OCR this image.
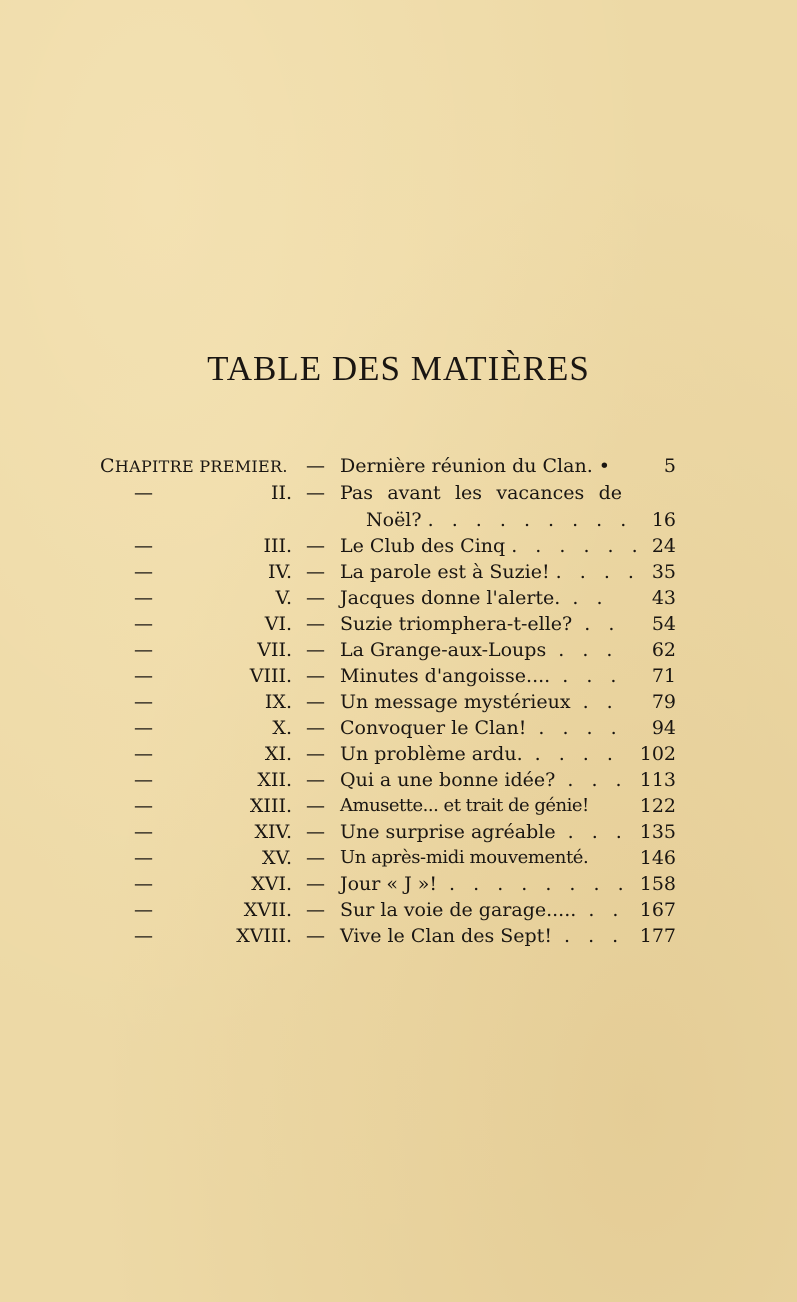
TABLE DES MATIÈRES
CHAPITRE PREMIER. — Dernière réunion du Clan. •	5
—	II. — Pas avant les vacances de
Noël? . . . . . . . . . 16
—	III. — Le Club des Cinq . . . . . . 24
—	IV. — La parole est à Suzie! . . . . 35
—	V. — Jacques donne l'alerte. . .	43
—	VI. — Suzie triomphera-t-elle? . .	54
—	VII. — La Grange-aux-Loups . . .	62
—	VIII. — Minutes d'angoisse.... . . .	71
—	IX. — Un message mystérieux . .	79
—	X. — Convoquer le Clan! . . . .	94
—	XI. — Un problème ardu. . . . .	102
—	XII. — Qui a une bonne idée? . . . 113
—	XIII. — Amusette... et trait de génie!	122
—	XIV. — Une surprise agréable . . . 135
—	XV. — Un après-midi mouvementé.	146
—	XVI. — Jour « J »! . . . . . . . . 158
—	XVII. — Sur la voie de garage..... . . 167
—	XVIII. — Vive le Clan des Sept! . . . 177
